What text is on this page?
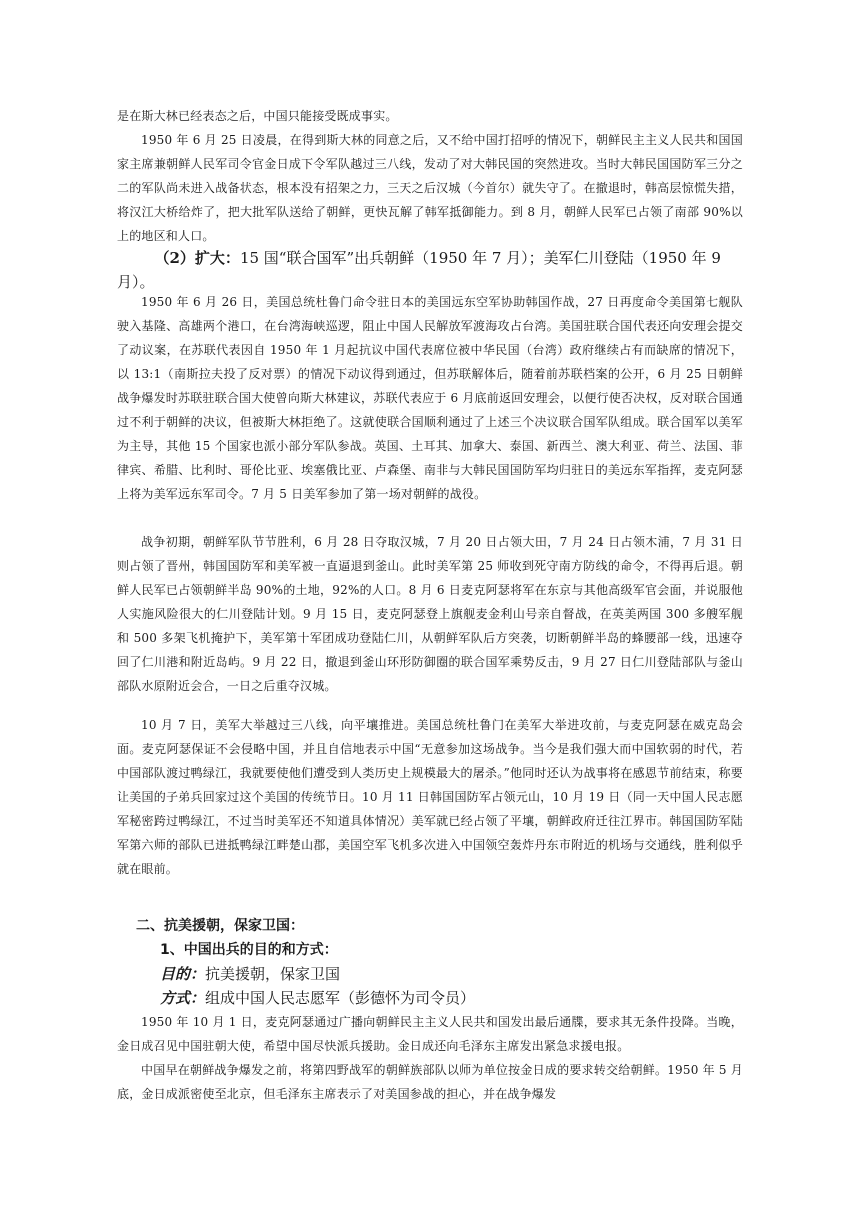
是在斯大林已经表态之后，中国只能接受既成事实。

1950 年 6 月 25 日凌晨，在得到斯大林的同意之后，又不给中国打招呼的情况下，朝鲜民主主义人民共和国国家主席兼朝鲜人民军司令官金日成下令军队越过三八线，发动了对大韩民国的突然进攻。当时大韩民国国防军三分之二的军队尚未进入战备状态，根本没有招架之力，三天之后汉城（今首尔）就失守了。在撤退时，韩高层惊慌失措，将汉江大桥给炸了，把大批军队送给了朝鲜，更快瓦解了韩军抵御能力。到 8 月，朝鲜人民军已占领了南部 90%以上的地区和人口。

（2）扩大：15 国“联合国军”出兵朝鲜（1950 年 7 月）；美军仁川登陆（1950 年 9 月）。

1950 年 6 月 26 日，美国总统杜鲁门命令驻日本的美国远东空军协助韩国作战，27 日再度命令美国第七舰队驶入基隆、高雄两个港口，在台湾海峡巡逻，阻止中国人民解放军渡海攻占台湾。美国驻联合国代表还向安理会提交了动议案，在苏联代表因自 1950 年 1 月起抗议中国代表席位被中华民国（台湾）政府继续占有而缺席的情况下，以 13:1（南斯拉夫投了反对票）的情况下动议得到通过，但苏联解体后，随着前苏联档案的公开，6 月 25 日朝鲜战争爆发时苏联驻联合国大使曾向斯大林建议，苏联代表应于 6 月底前返回安理会，以便行使否决权，反对联合国通过不利于朝鲜的决议，但被斯大林拒绝了。这就使联合国顺利通过了上述三个决议联合国军队组成。联合国军以美军为主导，其他 15 个国家也派小部分军队参战。英国、土耳其、加拿大、泰国、新西兰、澳大利亚、荷兰、法国、菲律宾、希腊、比利时、哥伦比亚、埃塞俄比亚、卢森堡、南非与大韩民国国防军均归驻日的美远东军指挥，麦克阿瑟上将为美军远东军司令。7 月 5 日美军参加了第一场对朝鲜的战役。

战争初期，朝鲜军队节节胜利，6 月 28 日夺取汉城，7 月 20 日占领大田，7 月 24 日占领木浦，7 月 31 日则占领了晋州，韩国国防军和美军被一直逼退到釜山。此时美军第 25 师收到死守南方防线的命令，不得再后退。朝鲜人民军已占领朝鲜半岛 90%的土地，92%的人口。8 月 6 日麦克阿瑟将军在东京与其他高级军官会面，并说服他人实施风险很大的仁川登陆计划。9 月 15 日，麦克阿瑟登上旗舰麦金利山号亲自督战，在英美两国 300 多艘军舰和 500 多架飞机掩护下，美军第十军团成功登陆仁川，从朝鲜军队后方突袭，切断朝鲜半岛的蜂腰部一线，迅速夺回了仁川港和附近岛屿。9 月 22 日，撤退到釜山环形防御圈的联合国军乘势反击，9 月 27 日仁川登陆部队与釜山部队水原附近会合，一日之后重夺汉城。

10 月 7 日，美军大举越过三八线，向平壤推进。美国总统杜鲁门在美军大举进攻前，与麦克阿瑟在威克岛会面。麦克阿瑟保证不会侵略中国，并且自信地表示中国“无意参加这场战争。当今是我们强大而中国软弱的时代，若中国部队渡过鸭绿江，我就要使他们遭受到人类历史上规模最大的屠杀。”他同时还认为战事将在感恩节前结束，称要让美国的子弟兵回家过这个美国的传统节日。10 月 11 日韩国国防军占领元山，10 月 19 日（同一天中国人民志愿军秘密跨过鸭绿江，不过当时美军还不知道具体情况）美军就已经占领了平壤，朝鲜政府迁往江界市。韩国国防军陆军第六师的部队已进抵鸭绿江畔楚山郡，美国空军飞机多次进入中国领空轰炸丹东市附近的机场与交通线，胜利似乎就在眼前。

二、抗美援朝，保家卫国：

1、中国出兵的目的和方式：

目的：抗美援朝，保家卫国

方式：组成中国人民志愿军（彭德怀为司令员）

1950 年 10 月 1 日，麦克阿瑟通过广播向朝鲜民主主义人民共和国发出最后通牒，要求其无条件投降。当晚，金日成召见中国驻朝大使，希望中国尽快派兵援助。金日成还向毛泽东主席发出紧急求援电报。

中国早在朝鲜战争爆发之前，将第四野战军的朝鲜族部队以师为单位按金日成的要求转交给朝鲜。1950 年 5 月底，金日成派密使至北京，但毛泽东主席表示了对美国参战的担心，并在战争爆发
